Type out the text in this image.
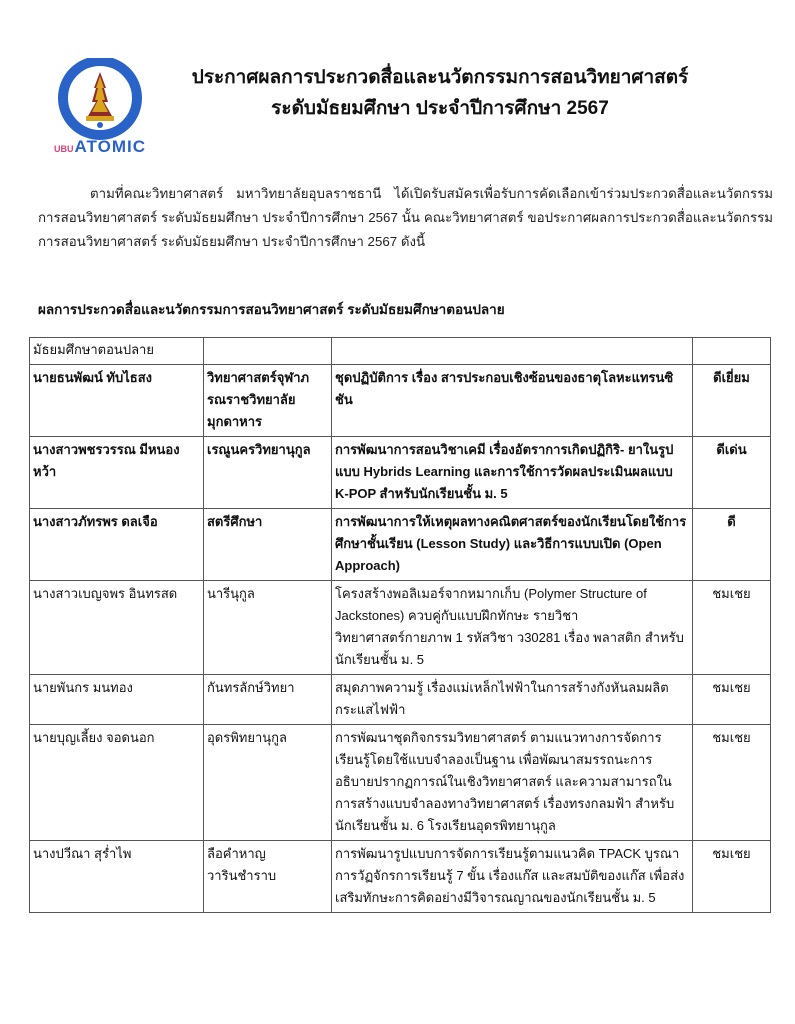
UBUATOMIC
ประกาศผลการประกวดสื่อและนวัตกรรมการสอนวิทยาศาสตร์
ระดับมัธยมศึกษา ประจำปีการศึกษา 2567
ตามที่คณะวิทยาศาสตร์ มหาวิทยาลัยอุบลราชธานี ได้เปิดรับสมัครเพื่อรับการคัดเลือกเข้าร่วมประกวดสื่อและนวัตกรรมการสอนวิทยาศาสตร์ ระดับมัธยมศึกษา ประจำปีการศึกษา 2567 นั้น คณะวิทยาศาสตร์ ขอประกาศผลการประกวดสื่อและนวัตกรรมการสอนวิทยาศาสตร์ ระดับมัธยมศึกษา ประจำปีการศึกษา 2567 ดังนี้
ผลการประกวดสื่อและนวัตกรรมการสอนวิทยาศาสตร์ ระดับมัธยมศึกษาตอนปลาย
มัธยมศึกษาตอนปลาย			
นายธนพัฒน์ ทับไธสง	วิทยาศาสตร์จุฬาภรณราชวิทยาลัย มุกดาหาร	ชุดปฏิบัติการ เรื่อง สารประกอบเชิงซ้อนของธาตุโลหะแทรนซิชัน	ดีเยี่ยม
นางสาวพชรวรรณ มีหนองหว้า	เรณูนครวิทยานุกูล	การพัฒนาการสอนวิชาเคมี เรื่องอัตราการเกิดปฏิกิริ- ยาในรูปแบบ Hybrids Learning และการใช้การวัดผลประเมินผลแบบ K-POP สำหรับนักเรียนชั้น ม. 5	ดีเด่น
นางสาวภัทรพร ดลเจือ	สตรีศึกษา	การพัฒนาการให้เหตุผลทางคณิตศาสตร์ของนักเรียนโดยใช้การศึกษาชั้นเรียน (Lesson Study) และวิธีการแบบเปิด (Open Approach)	ดี
นางสาวเบญจพร อินทรสด	นารีนุกูล	โครงสร้างพอลิเมอร์จากหมากเก็บ (Polymer Structure of Jackstones) ควบคู่กับแบบฝึกทักษะ รายวิชา วิทยาศาสตร์กายภาพ 1 รหัสวิชา ว30281 เรื่อง พลาสติก สำหรับนักเรียนชั้น ม. 5	ชมเชย
นายพันกร มนทอง	กันทรลักษ์วิทยา	สมุดภาพความรู้ เรื่องแม่เหล็กไฟฟ้าในการสร้างกังหันลมผลิตกระแสไฟฟ้า	ชมเชย
นายบุญเลี้ยง จอดนอก	อุดรพิทยานุกูล	การพัฒนาชุดกิจกรรมวิทยาศาสตร์ ตามแนวทางการจัดการเรียนรู้โดยใช้แบบจำลองเป็นฐาน เพื่อพัฒนาสมรรถนะการอธิบายปรากฏการณ์ในเชิงวิทยาศาสตร์ และความสามารถในการสร้างแบบจำลองทางวิทยาศาสตร์ เรื่องทรงกลมฟ้า สำหรับนักเรียนชั้น ม. 6 โรงเรียนอุดรพิทยานุกูล	ชมเชย
นางปวีณา สุร่ำไพ	ลือคำหาญวารินชำราบ	การพัฒนารูปแบบการจัดการเรียนรู้ตามแนวคิด TPACK บูรณาการวัฏจักรการเรียนรู้ 7 ขั้น เรื่องแก๊ส และสมบัติของแก๊ส เพื่อส่งเสริมทักษะการคิดอย่างมีวิจารณญาณของนักเรียนชั้น ม. 5	ชมเชย
